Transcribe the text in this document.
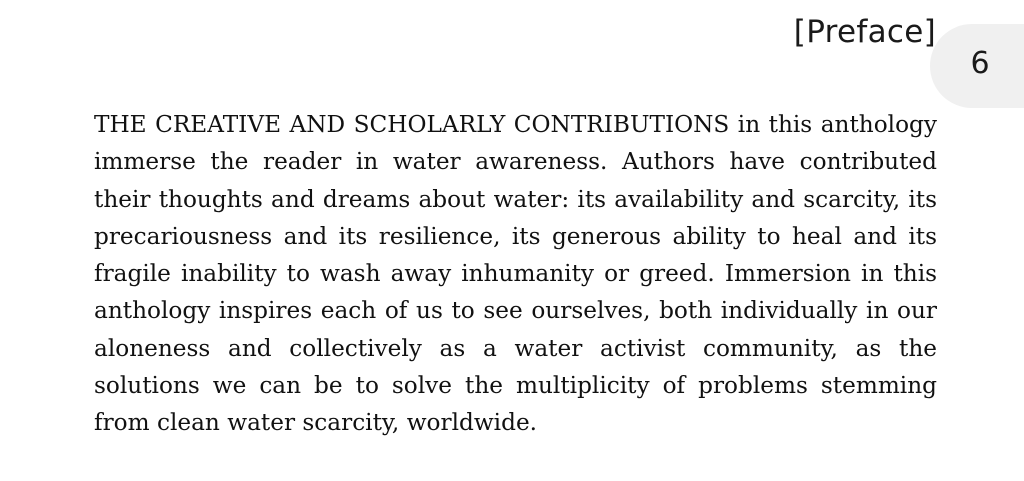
[Preface]
6

THE CREATIVE AND SCHOLARLY CONTRIBUTIONS in this anthology immerse the reader in water awareness. Authors have contributed their thoughts and dreams about water: its availability and scarcity, its precariousness and its resilience, its generous ability to heal and its fragile inability to wash away inhumanity or greed. Immersion in this anthology inspires each of us to see ourselves, both individually in our aloneness and collectively as a water activist community, as the solutions we can be to solve the multiplicity of problems stemming from clean water scarcity, worldwide.
